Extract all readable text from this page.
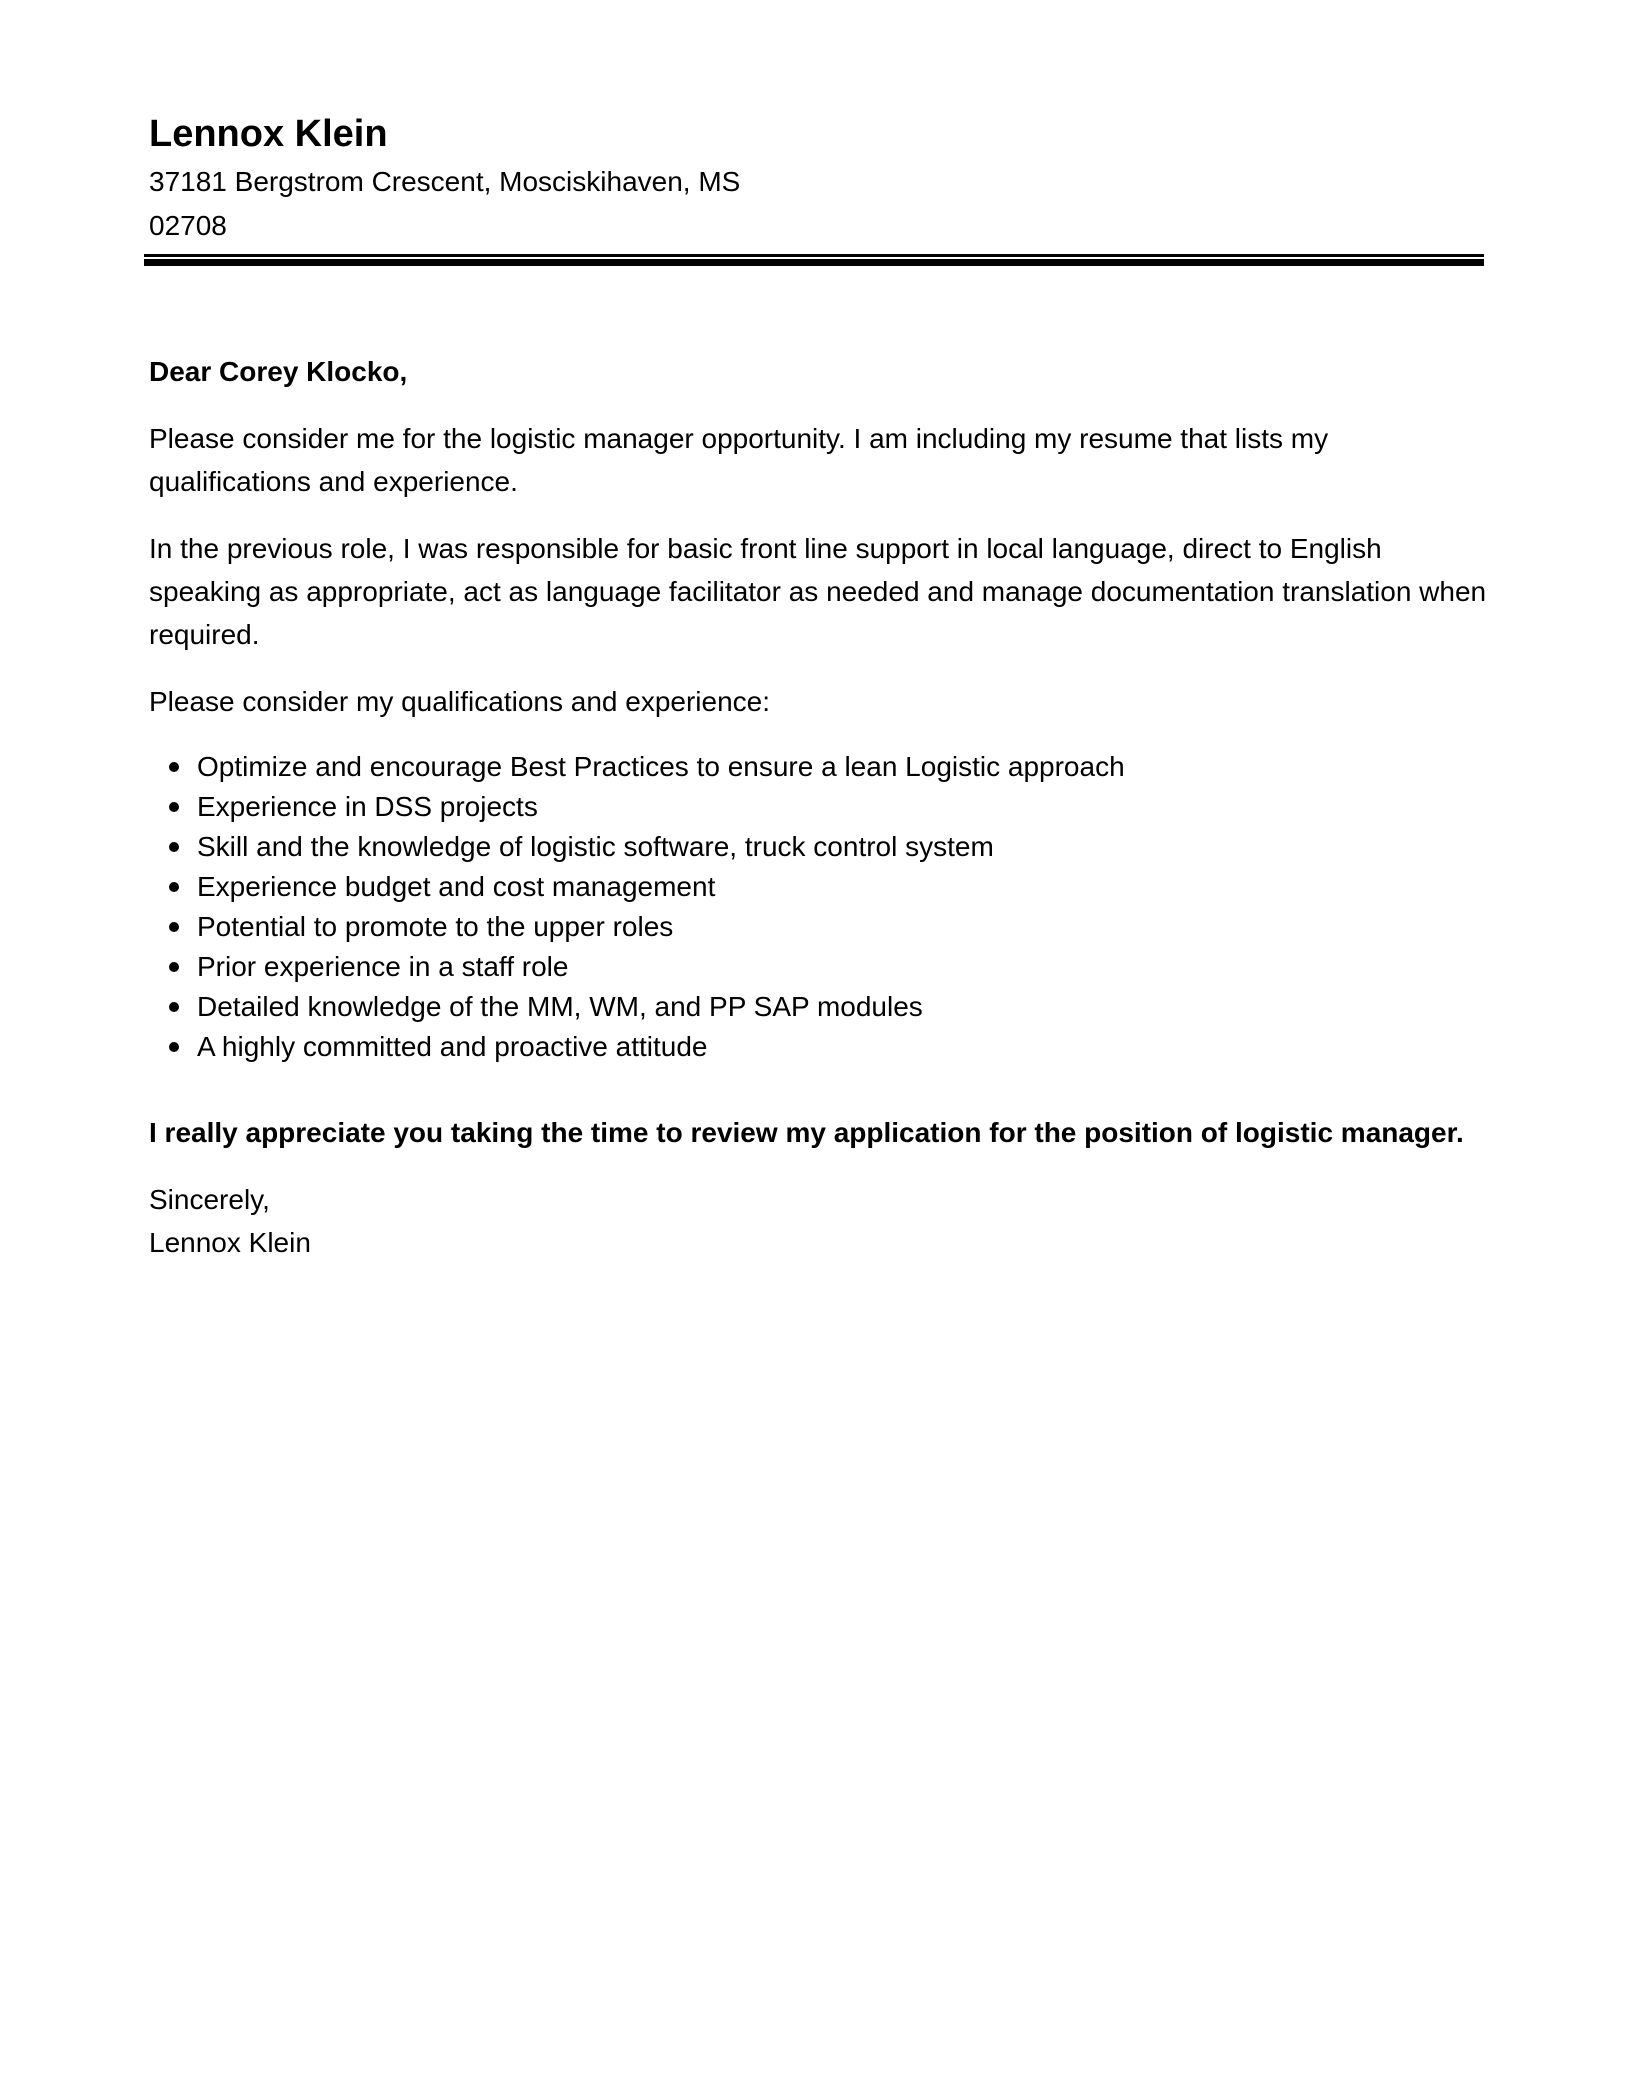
Lennox Klein
37181 Bergstrom Crescent, Mosciskihaven, MS 02708

Dear Corey Klocko,

Please consider me for the logistic manager opportunity. I am including my resume that lists my qualifications and experience.

In the previous role, I was responsible for basic front line support in local language, direct to English speaking as appropriate, act as language facilitator as needed and manage documentation translation when required.

Please consider my qualifications and experience:

Optimize and encourage Best Practices to ensure a lean Logistic approach
Experience in DSS projects
Skill and the knowledge of logistic software, truck control system
Experience budget and cost management
Potential to promote to the upper roles
Prior experience in a staff role
Detailed knowledge of the MM, WM, and PP SAP modules
A highly committed and proactive attitude

I really appreciate you taking the time to review my application for the position of logistic manager.

Sincerely,

Lennox Klein
